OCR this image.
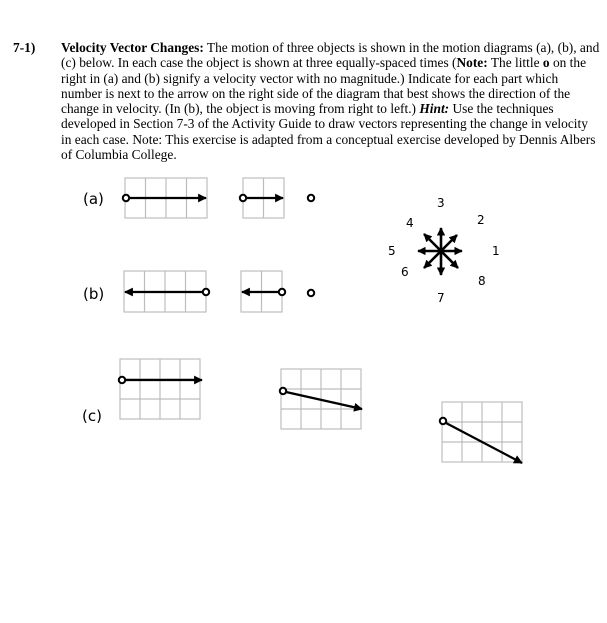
7-1) Velocity Vector Changes: The motion of three objects is shown in the motion diagrams (a), (b), and (c) below. In each case the object is shown at three equally-spaced times (Note: The little o on the right in (a) and (b) signify a velocity vector with no magnitude.) Indicate for each part which number is next to the arrow on the right side of the diagram that best shows the direction of the change in velocity. (In (b), the object is moving from right to left.) Hint: Use the techniques developed in Section 7-3 of the Activity Guide to draw vectors representing the change in velocity in each case. Note: This exercise is adapted from a conceptual exercise developed by Dennis Albers of Columbia College.
(a)
(b)
1
2
3
4
5
6
7
8
(c)
